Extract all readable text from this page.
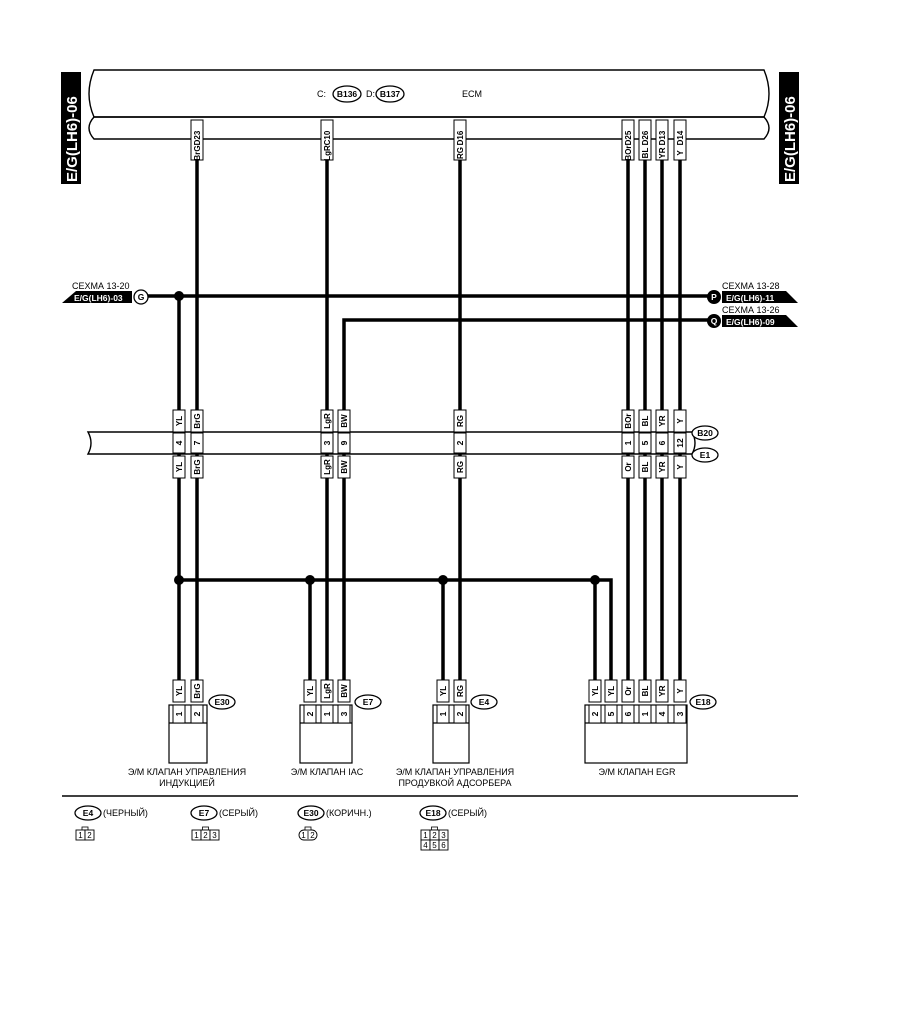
E/G(LH6)-06	E/G(LH6)-06
C: B136 D: B137	ECM
D23
BrG
C10
LgR
D16
RG
D25
BOr
D26
BL
D13
YR
D14
Y
СЕХМА 13-20
E/G(LH6)-03 G
СЕХМА 13-28
P E/G(LH6)-11
СЕХМА 13-26
Q E/G(LH6)-09
B20
E1
YL
4
YL
BrG
7
BrG
LgR
3
LgR
BW
9
BW
RG
2
RG
BOr
1
Or
BL
5
BL
YR
6
YR
Y
12
Y
YL
1
BrG
2
E30
Э/М КЛАПАН УПРАВЛЕНИЯ
ИНДУКЦИЕЙ
YL
2
LgR
1
BW
3
E7
Э/М КЛАПАН IAC
YL
1
RG
2
E4
Э/М КЛАПАН УПРАВЛЕНИЯ
ПРОДУВКОЙ АДСОРБЕРА
YL
2
YL
5
Or
6
BL
1
YR
4
Y
3
E18
Э/М КЛАПАН EGR
E4 (ЧЕРНЫЙ)
1 2
E7 (СЕРЫЙ)
1 2 3
E30 (КОРИЧН.)
1 2
E18 (СЕРЫЙ)
1 2 3
4 5 6
